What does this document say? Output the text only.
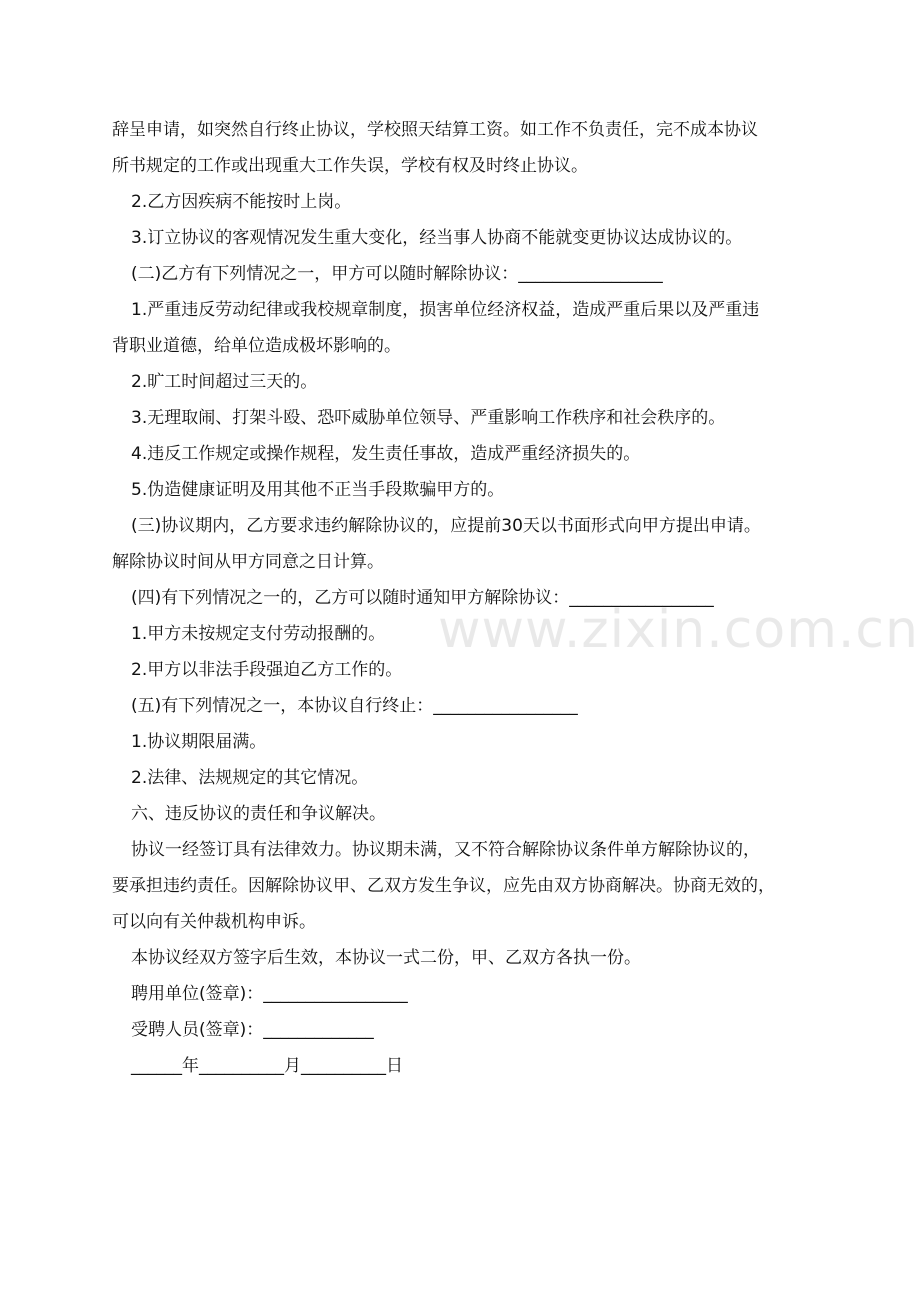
辞呈申请，如突然自行终止协议，学校照天结算工资。如工作不负责任，完不成本协议

所书规定的工作或出现重大工作失误，学校有权及时终止协议。

2.乙方因疾病不能按时上岗。

3.订立协议的客观情况发生重大变化，经当事人协商不能就变更协议达成协议的。

(二)乙方有下列情况之一，甲方可以随时解除协议：_________________

1.严重违反劳动纪律或我校规章制度，损害单位经济权益，造成严重后果以及严重违

背职业道德，给单位造成极坏影响的。

2.旷工时间超过三天的。

3.无理取闹、打架斗殴、恐吓威胁单位领导、严重影响工作秩序和社会秩序的。

4.违反工作规定或操作规程，发生责任事故，造成严重经济损失的。

5.伪造健康证明及用其他不正当手段欺骗甲方的。

(三)协议期内，乙方要求违约解除协议的，应提前30天以书面形式向甲方提出申请。

解除协议时间从甲方同意之日计算。

(四)有下列情况之一的，乙方可以随时通知甲方解除协议：_________________

1.甲方未按规定支付劳动报酬的。

2.甲方以非法手段强迫乙方工作的。

(五)有下列情况之一，本协议自行终止：_________________

1.协议期限届满。

2.法律、法规规定的其它情况。

六、违反协议的责任和争议解决。

协议一经签订具有法律效力。协议期未满，又不符合解除协议条件单方解除协议的，

要承担违约责任。因解除协议甲、乙双方发生争议，应先由双方协商解决。协商无效的，

可以向有关仲裁机构申诉。

本协议经双方签字后生效，本协议一式二份，甲、乙双方各执一份。

聘用单位(签章)：_________________

受聘人员(签章)：_____________

______年__________月__________日

www.zixin.com.cn
